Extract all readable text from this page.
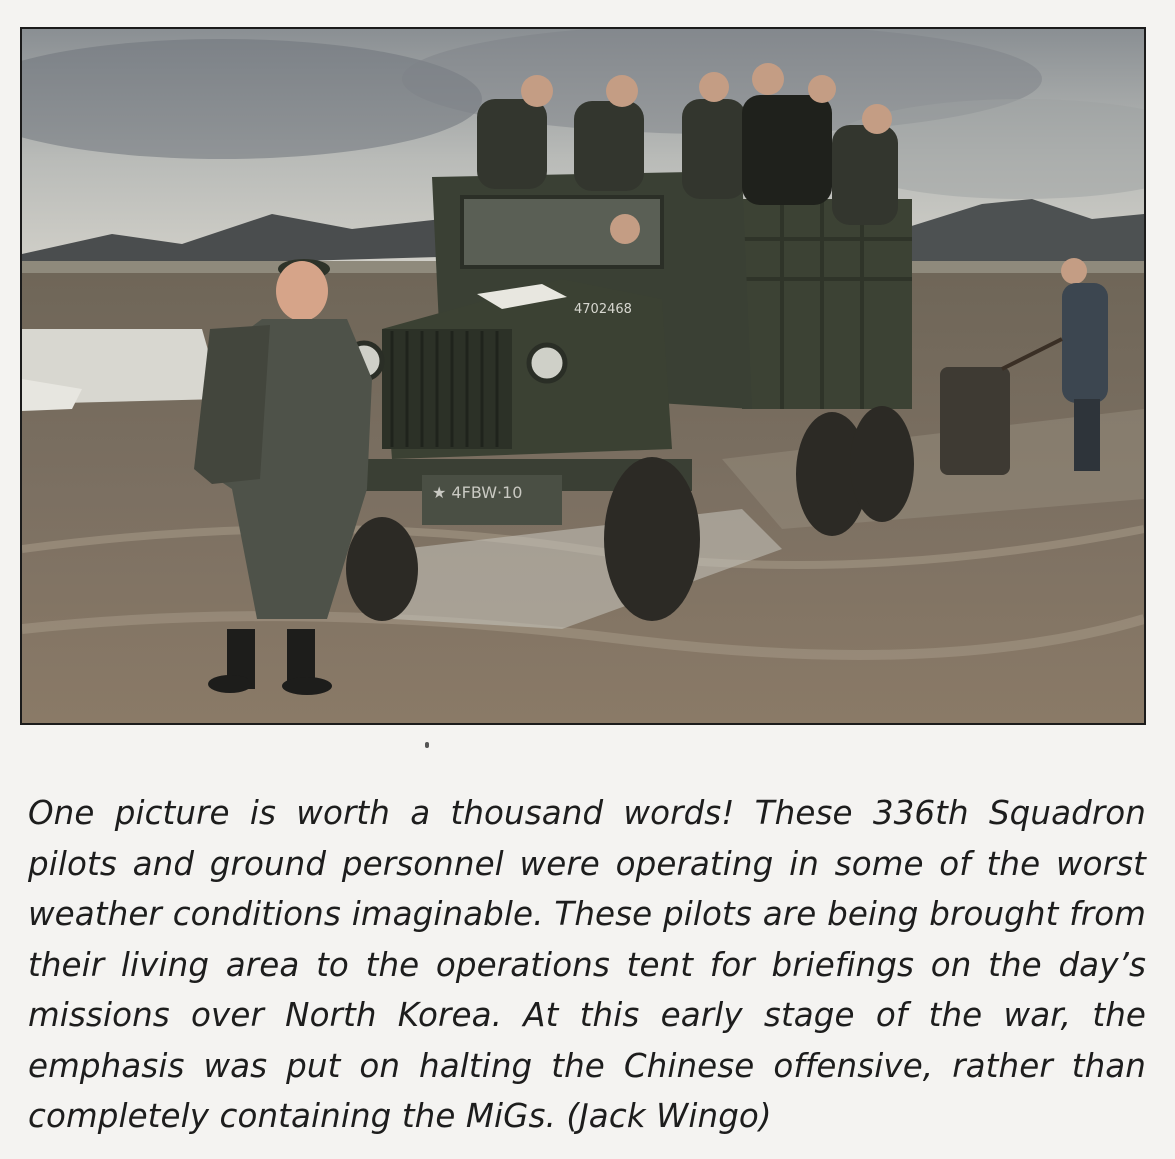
4702468
★ 4FBW·10

One picture is worth a thousand words! These 336th Squadron pilots and ground personnel were operating in some of the worst weather conditions imaginable. These pilots are being brought from their living area to the operations tent for briefings on the day’s missions over North Korea. At this early stage of the war, the emphasis was put on halting the Chinese offensive, rather than completely containing the MiGs. (Jack Wingo)
